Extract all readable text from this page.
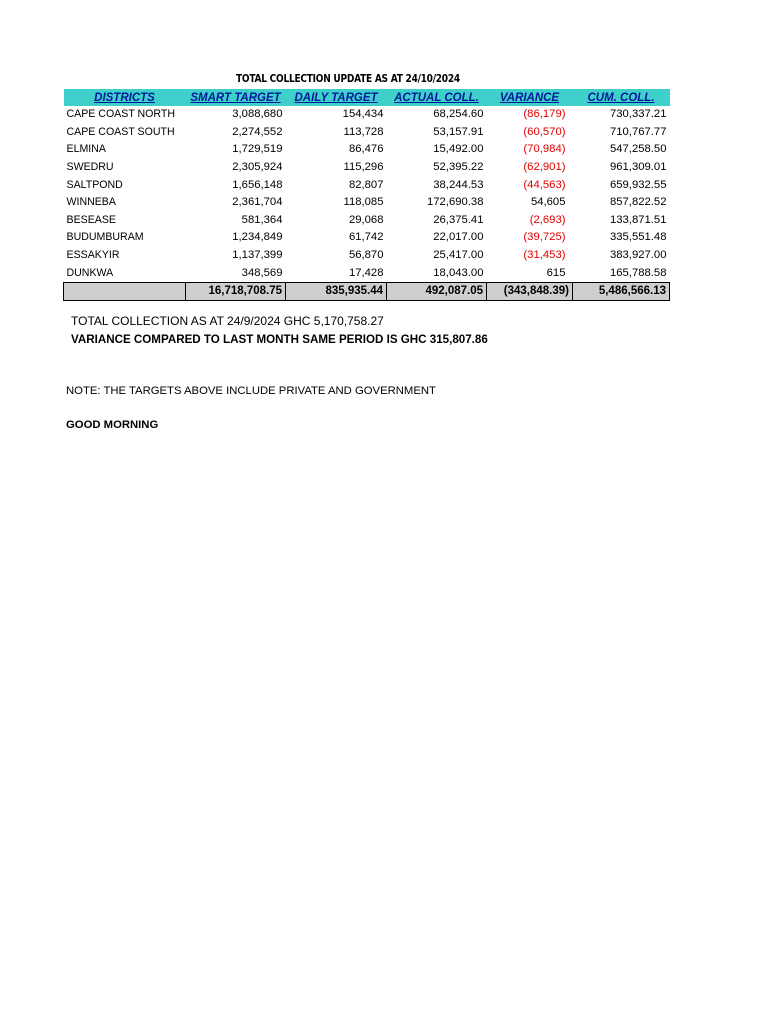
TOTAL COLLECTION UPDATE AS AT 24/10/2024
DISTRICTS	SMART TARGET	DAILY TARGET	ACTUAL COLL.	VARIANCE	CUM. COLL.
CAPE COAST NORTH	3,088,680	154,434	68,254.60	(86,179)	730,337.21
CAPE COAST SOUTH	2,274,552	113,728	53,157.91	(60,570)	710,767.77
ELMINA	1,729,519	86,476	15,492.00	(70,984)	547,258.50
SWEDRU	2,305,924	115,296	52,395.22	(62,901)	961,309.01
SALTPOND	1,656,148	82,807	38,244.53	(44,563)	659,932.55
WINNEBA	2,361,704	118,085	172,690.38	54,605	857,822.52
BESEASE	581,364	29,068	26,375.41	(2,693)	133,871.51
BUDUMBURAM	1,234,849	61,742	22,017.00	(39,725)	335,551.48
ESSAKYIR	1,137,399	56,870	25,417.00	(31,453)	383,927.00
DUNKWA	348,569	17,428	18,043.00	615	165,788.58
	16,718,708.75	835,935.44	492,087.05	(343,848.39)	5,486,566.13
TOTAL COLLECTION AS AT 24/9/2024 GHC 5,170,758.27
VARIANCE COMPARED TO LAST MONTH SAME PERIOD IS GHC 315,807.86
NOTE: THE TARGETS ABOVE INCLUDE PRIVATE AND GOVERNMENT
GOOD MORNING
